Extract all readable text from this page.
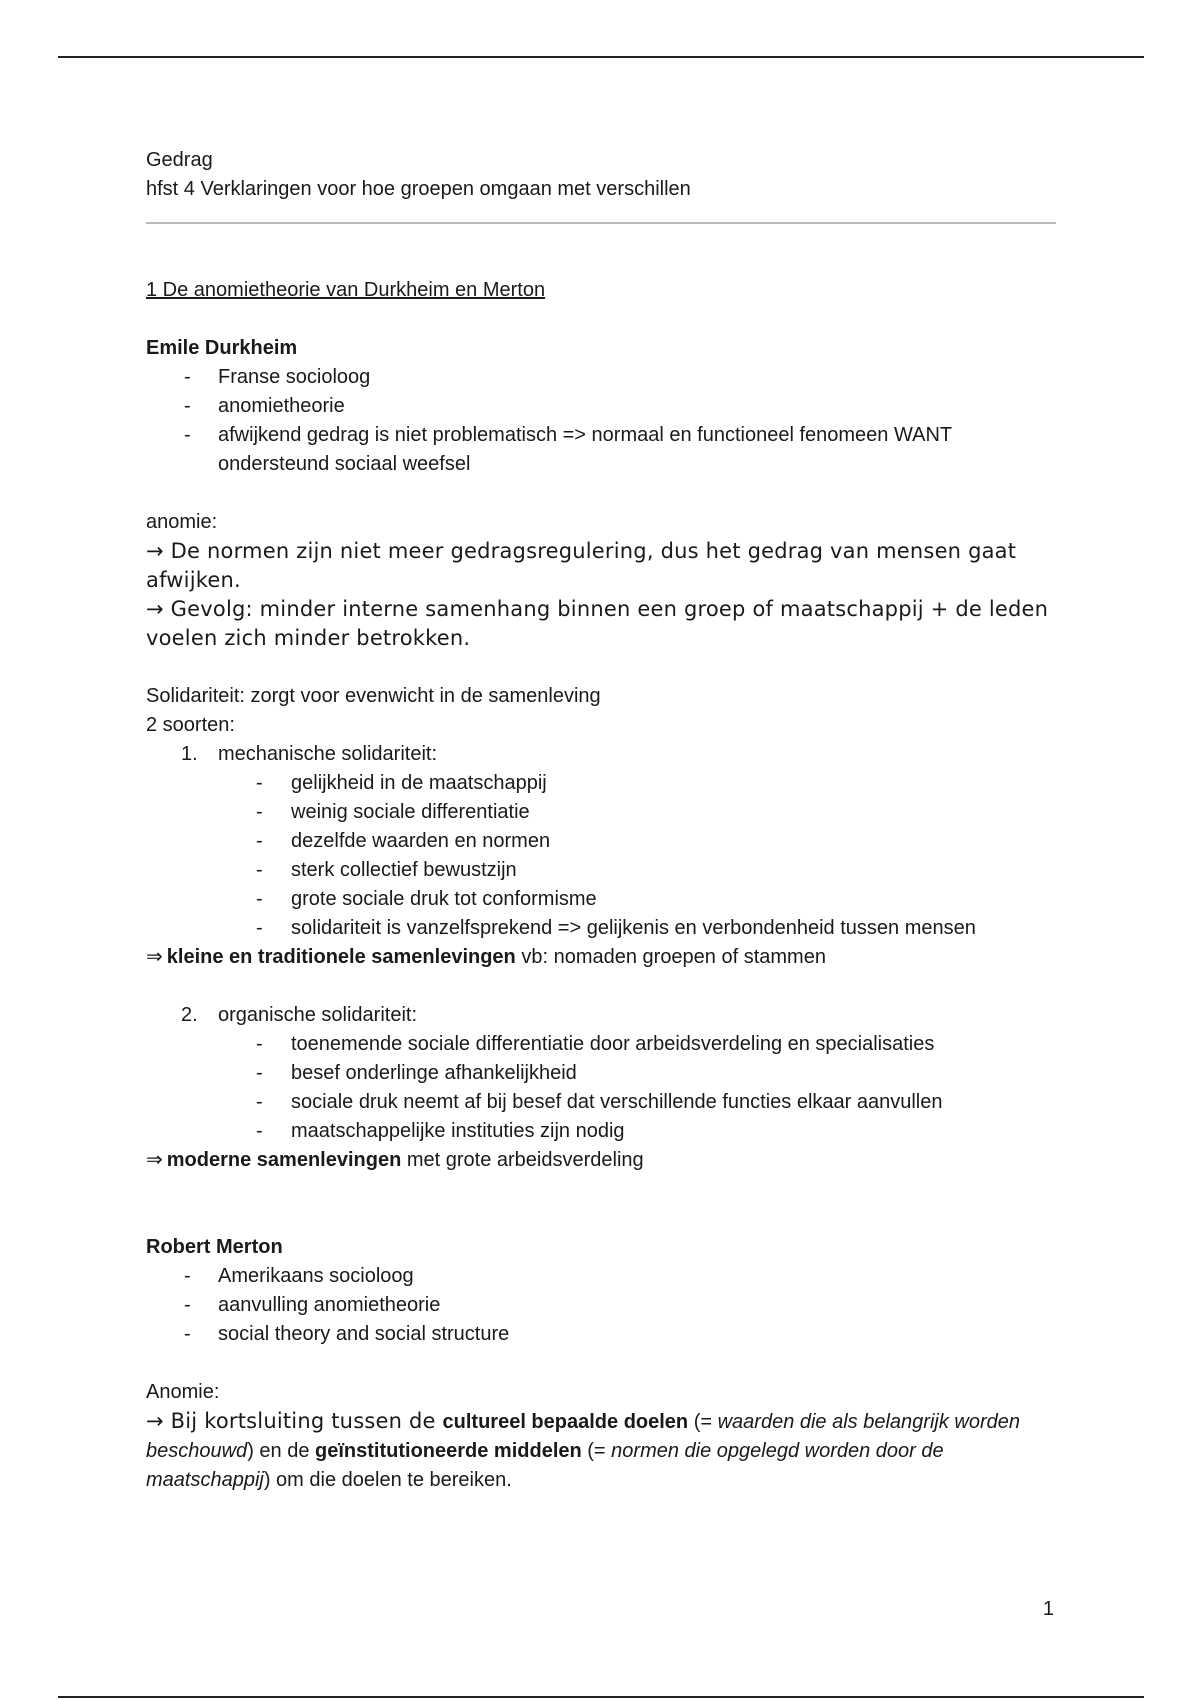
Gedrag

hfst 4 Verklaringen voor hoe groepen omgaan met verschillen

1 De anomietheorie van Durkheim en Merton
Emile Durkheim
- Franse socioloog
- anomietheorie
- afwijkend gedrag is niet problematisch => normaal en functioneel fenomeen WANT ondersteund sociaal weefsel
anomie:
→ De normen zijn niet meer gedragsregulering, dus het gedrag van mensen gaat afwijken.
→ Gevolg: minder interne samenhang binnen een groep of maatschappij + de leden voelen zich minder betrokken.
Solidariteit: zorgt voor evenwicht in de samenleving
2 soorten:
1. mechanische solidariteit:
- gelijkheid in de maatschappij
- weinig sociale differentiatie
- dezelfde waarden en normen
- sterk collectief bewustzijn
- grote sociale druk tot conformisme
- solidariteit is vanzelfsprekend => gelijkenis en verbondenheid tussen mensen
⇒ kleine en traditionele samenlevingen vb: nomaden groepen of stammen
2. organische solidariteit:
- toenemende sociale differentiatie door arbeidsverdeling en specialisaties
- besef onderlinge afhankelijkheid
- sociale druk neemt af bij besef dat verschillende functies elkaar aanvullen
- maatschappelijke instituties zijn nodig
⇒ moderne samenlevingen met grote arbeidsverdeling
Robert Merton
- Amerikaans socioloog
- aanvulling anomietheorie
- social theory and social structure
Anomie:
→ Bij kortsluiting tussen de cultureel bepaalde doelen (= waarden die als belangrijk worden beschouwd) en de geïnstitutioneerde middelen (= normen die opgelegd worden door de maatschappij) om die doelen te bereiken.
1
